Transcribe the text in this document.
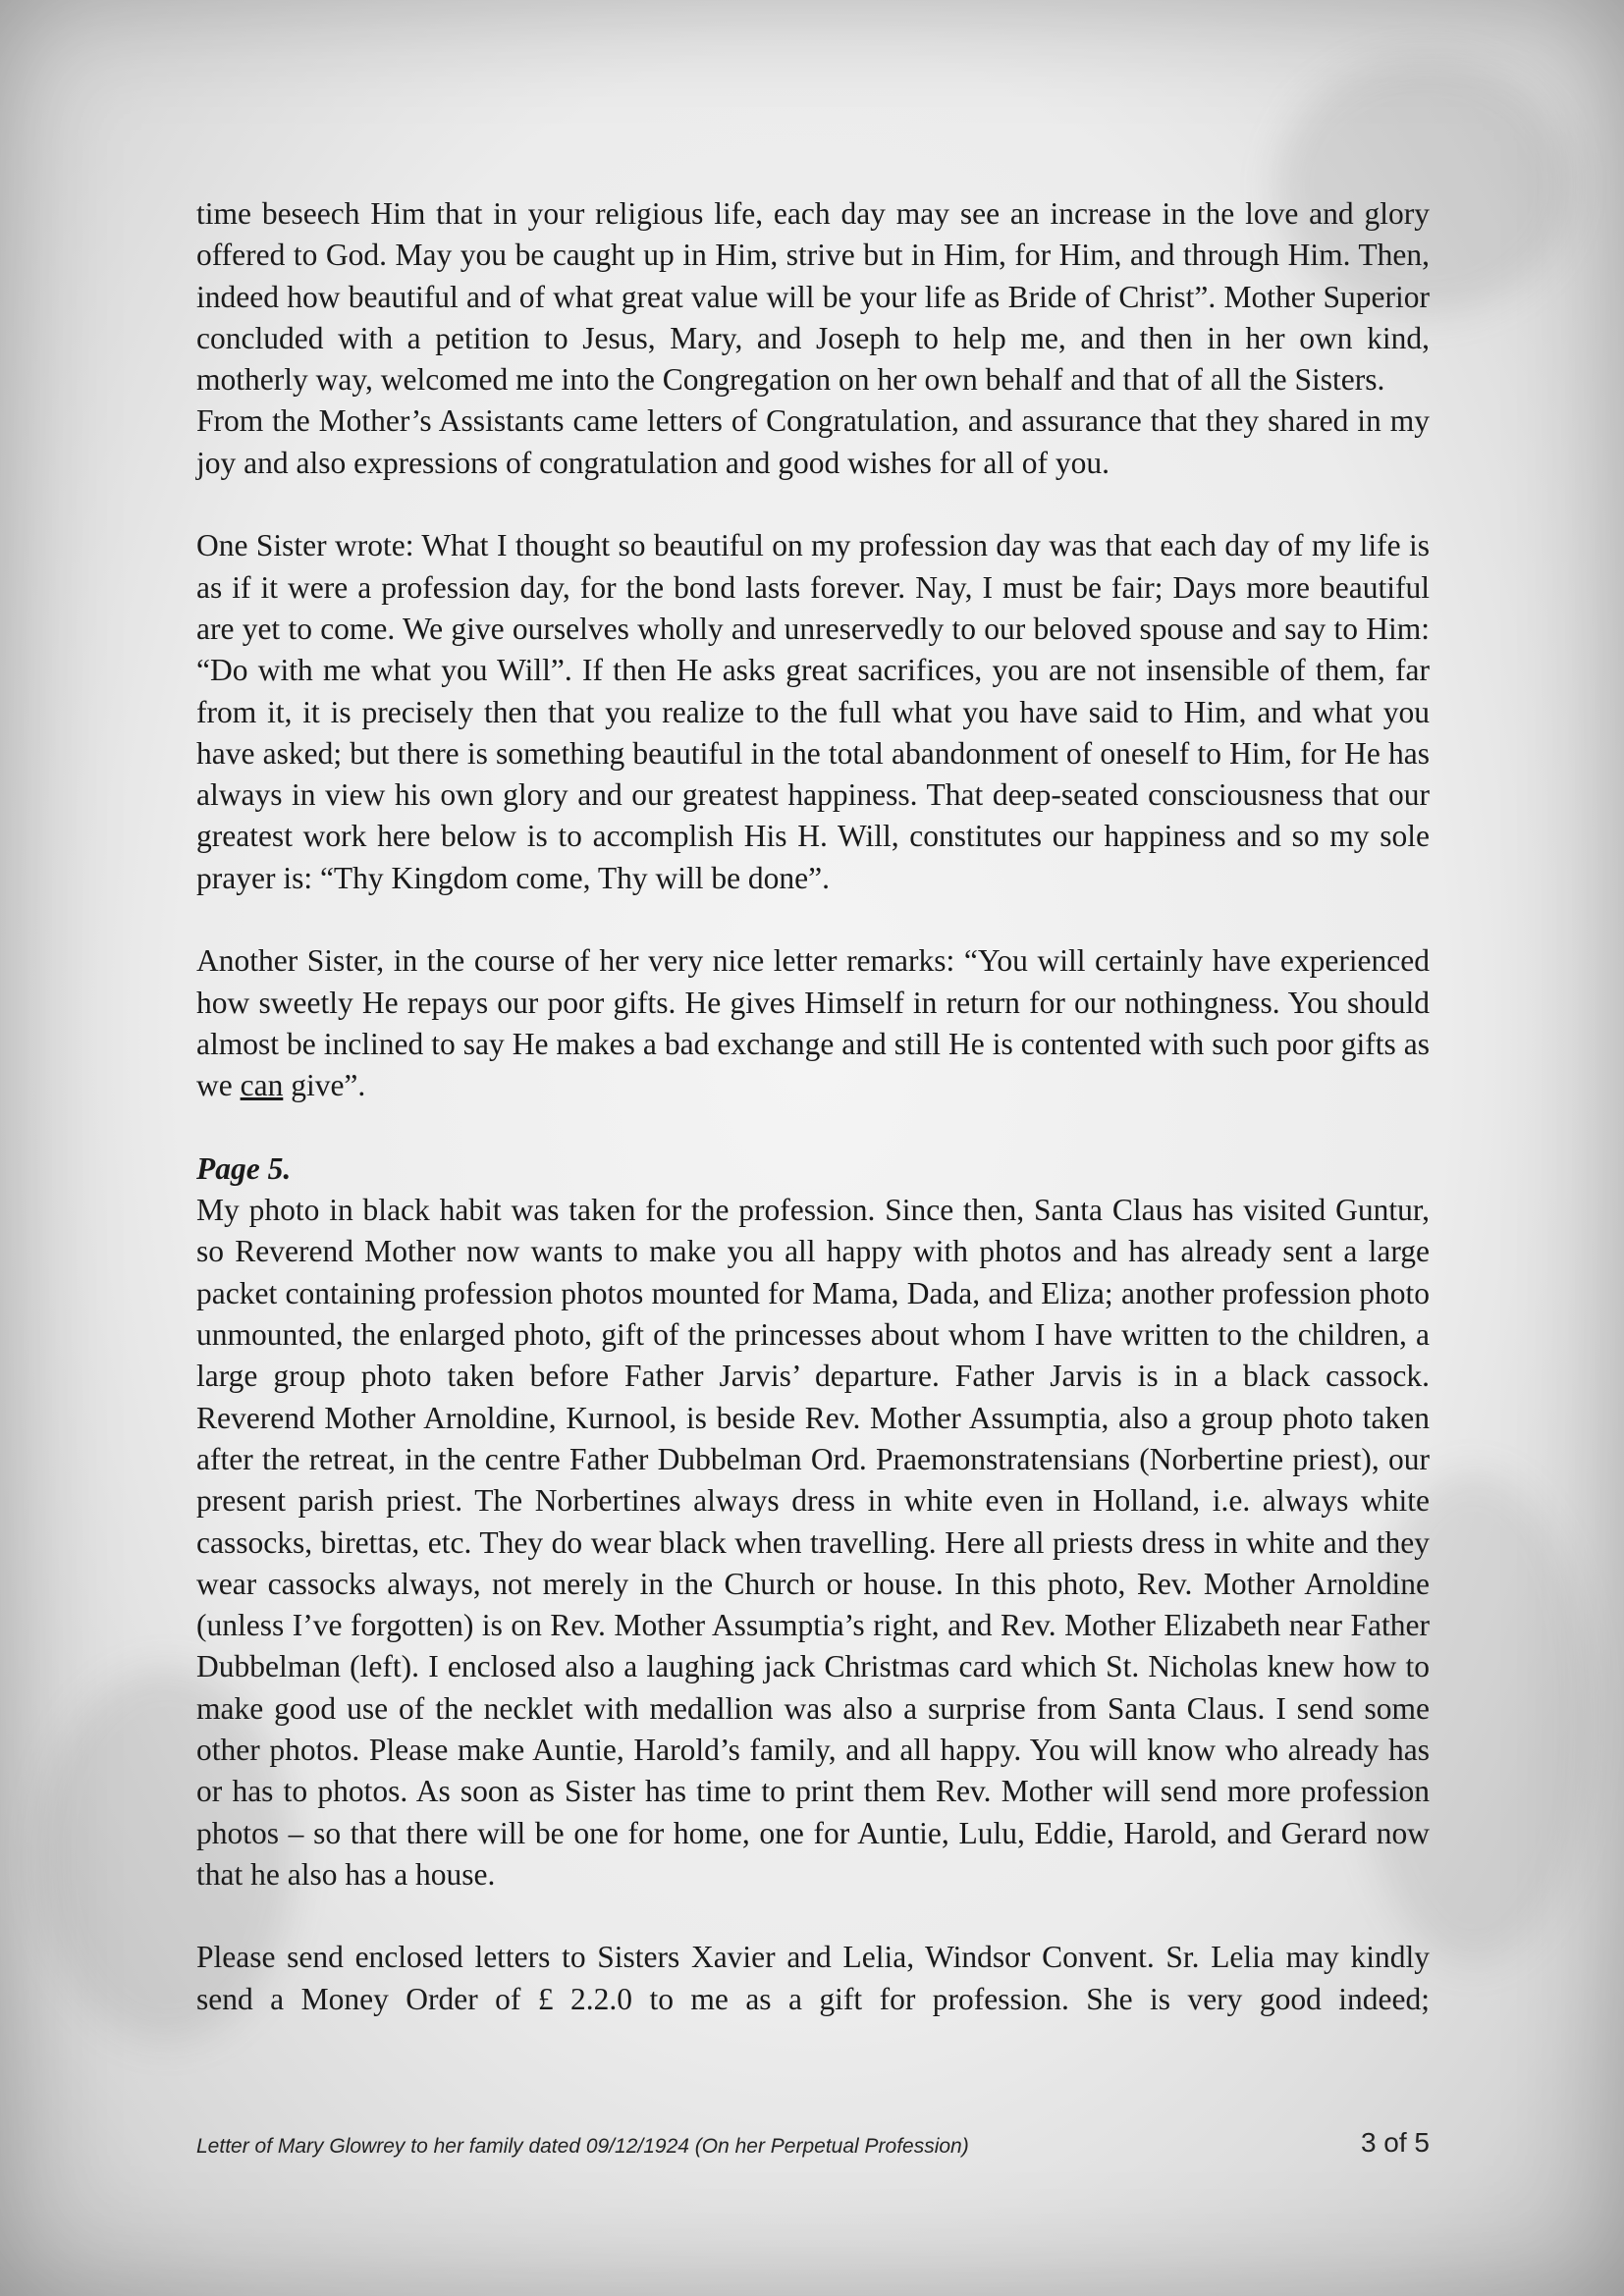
time beseech Him that in your religious life, each day may see an increase in the love and glory offered to God. May you be caught up in Him, strive but in Him, for Him, and through Him. Then, indeed how beautiful and of what great value will be your life as Bride of Christ”. Mother Superior concluded with a petition to Jesus, Mary, and Joseph to help me, and then in her own kind, motherly way, welcomed me into the Congregation on her own behalf and that of all the Sisters.

From the Mother’s Assistants came letters of Congratulation, and assurance that they shared in my joy and also expressions of congratulation and good wishes for all of you.

One Sister wrote: What I thought so beautiful on my profession day was that each day of my life is as if it were a profession day, for the bond lasts forever. Nay, I must be fair; Days more beautiful are yet to come. We give ourselves wholly and unreservedly to our beloved spouse and say to Him: “Do with me what you Will”. If then He asks great sacrifices, you are not insensible of them, far from it, it is precisely then that you realize to the full what you have said to Him, and what you have asked; but there is something beautiful in the total abandonment of oneself to Him, for He has always in view his own glory and our greatest happiness. That deep-seated consciousness that our greatest work here below is to accomplish His H. Will, constitutes our happiness and so my sole prayer is: “Thy Kingdom come, Thy will be done”.

Another Sister, in the course of her very nice letter remarks: “You will certainly have experienced how sweetly He repays our poor gifts. He gives Himself in return for our nothingness. You should almost be inclined to say He makes a bad exchange and still He is contented with such poor gifts as we can give”.

Page 5.

My photo in black habit was taken for the profession. Since then, Santa Claus has visited Guntur, so Reverend Mother now wants to make you all happy with photos and has already sent a large packet containing profession photos mounted for Mama, Dada, and Eliza; another profession photo unmounted, the enlarged photo, gift of the princesses about whom I have written to the children, a large group photo taken before Father Jarvis’ departure. Father Jarvis is in a black cassock. Reverend Mother Arnoldine, Kurnool, is beside Rev. Mother Assumptia, also a group photo taken after the retreat, in the centre Father Dubbelman Ord. Praemonstratensians (Norbertine priest), our present parish priest. The Norbertines always dress in white even in Holland, i.e. always white cassocks, birettas, etc. They do wear black when travelling. Here all priests dress in white and they wear cassocks always, not merely in the Church or house. In this photo, Rev. Mother Arnoldine (unless I’ve forgotten) is on Rev. Mother Assumptia’s right, and Rev. Mother Elizabeth near Father Dubbelman (left). I enclosed also a laughing jack Christmas card which St. Nicholas knew how to make good use of the necklet with medallion was also a surprise from Santa Claus. I send some other photos. Please make Auntie, Harold’s family, and all happy. You will know who already has or has to photos. As soon as Sister has time to print them Rev. Mother will send more profession photos – so that there will be one for home, one for Auntie, Lulu, Eddie, Harold, and Gerard now that he also has a house.

Please send enclosed letters to Sisters Xavier and Lelia, Windsor Convent. Sr. Lelia may kindly send a Money Order of £ 2.2.0 to me as a gift for profession. She is very good indeed;

Letter of Mary Glowrey to her family dated 09/12/1924 (On her Perpetual Profession)	3 of 5
